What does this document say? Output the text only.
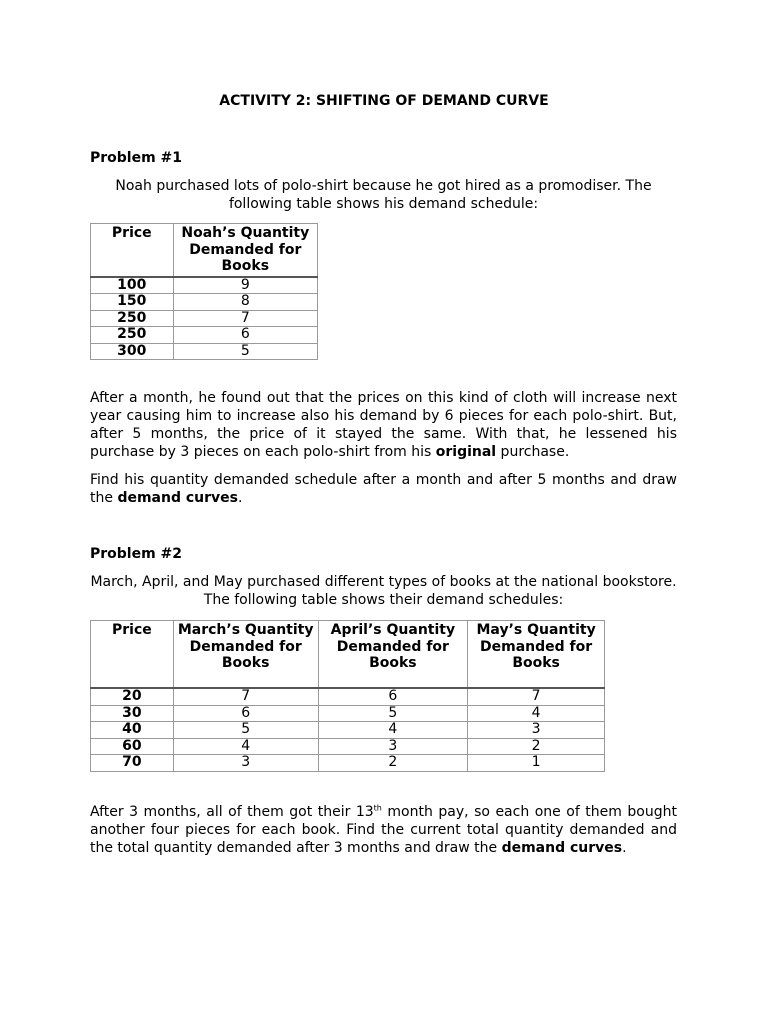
ACTIVITY 2: SHIFTING OF DEMAND CURVE
Problem #1
Noah purchased lots of polo-shirt because he got hired as a promodiser. The following table shows his demand schedule:
Price	Noah’s Quantity Demanded for Books
100	9
150	8
250	7
250	6
300	5
After a month, he found out that the prices on this kind of cloth will increase next year causing him to increase also his demand by 6 pieces for each polo-shirt. But, after 5 months, the price of it stayed the same. With that, he lessened his purchase by 3 pieces on each polo-shirt from his original purchase.
Find his quantity demanded schedule after a month and after 5 months and draw the demand curves.
Problem #2
March, April, and May purchased different types of books at the national bookstore. The following table shows their demand schedules:
Price	March’s Quantity Demanded for Books	April’s Quantity Demanded for Books	May’s Quantity Demanded for Books
20	7	6	7
30	6	5	4
40	5	4	3
60	4	3	2
70	3	2	1
After 3 months, all of them got their 13th month pay, so each one of them bought another four pieces for each book. Find the current total quantity demanded and the total quantity demanded after 3 months and draw the demand curves.
